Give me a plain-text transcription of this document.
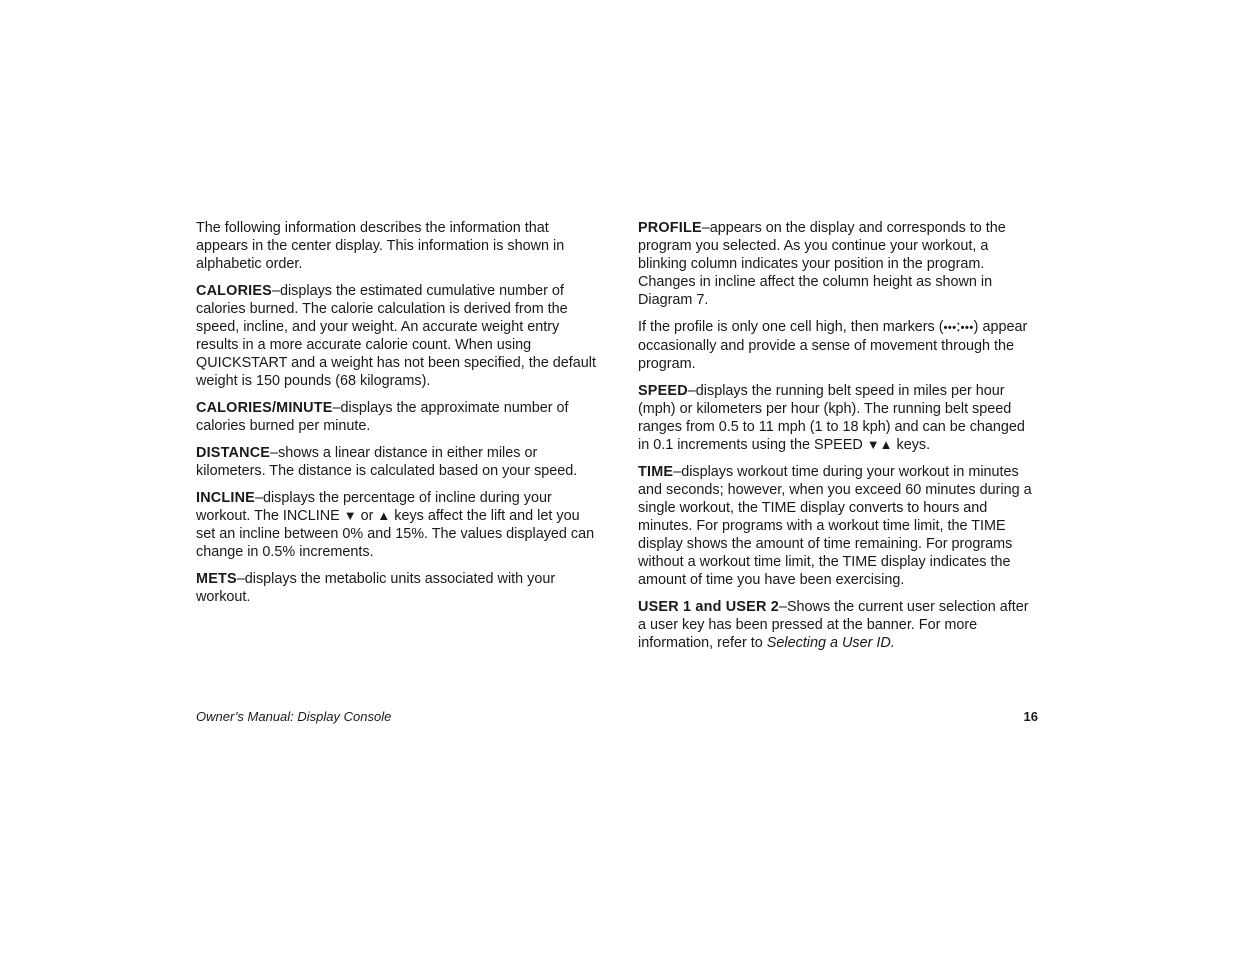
The following information describes the information that appears in the center display. This information is shown in alphabetic order.

CALORIES–displays the estimated cumulative number of calories burned. The calorie calculation is derived from the speed, incline, and your weight. An accurate weight entry results in a more accurate calorie count. When using QUICKSTART and a weight has not been specified, the default weight is 150 pounds (68 kilograms).

CALORIES/MINUTE–displays the approximate number of calories burned per minute.

DISTANCE–shows a linear distance in either miles or kilometers. The distance is calculated based on your speed.

INCLINE–displays the percentage of incline during your workout. The INCLINE ▼ or ▲ keys affect the lift and let you set an incline between 0% and 15%. The values displayed can change in 0.5% increments.

METS–displays the metabolic units associated with your workout.

PROFILE–appears on the display and corresponds to the program you selected. As you continue your workout, a blinking column indicates your position in the program. Changes in incline affect the column height as shown in Diagram 7.

If the profile is only one cell high, then markers (•••⁚•••) appear occasionally and provide a sense of movement through the program.

SPEED–displays the running belt speed in miles per hour (mph) or kilometers per hour (kph). The running belt speed ranges from 0.5 to 11 mph (1 to 18 kph) and can be changed in 0.1 increments using the SPEED ▼▲ keys.

TIME–displays workout time during your workout in minutes and seconds; however, when you exceed 60 minutes during a single workout, the TIME display converts to hours and minutes. For programs with a workout time limit, the TIME display shows the amount of time remaining. For programs without a workout time limit, the TIME display indicates the amount of time you have been exercising.

USER 1 and USER 2–Shows the current user selection after a user key has been pressed at the banner. For more information, refer to Selecting a User ID.

Owner’s Manual: Display Console	16
